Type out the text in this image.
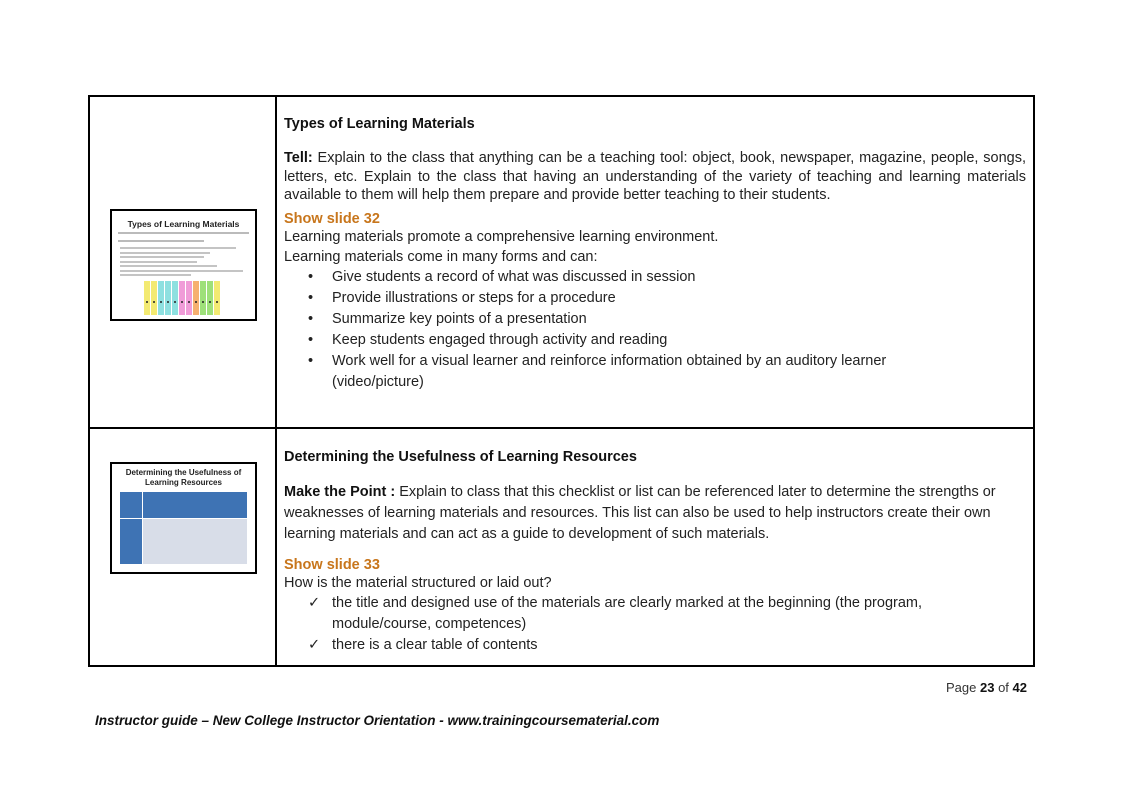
Types of Learning Materials

Types of Learning Materials

Tell: Explain to the class that anything can be a teaching tool: object, book, newspaper, magazine, people, songs, letters, etc. Explain to the class that having an understanding of the variety of teaching and learning materials available to them will help them prepare and provide better teaching to their students.

Show slide 32
Learning materials promote a comprehensive learning environment.
Learning materials come in many forms and can:
• Give students a record of what was discussed in session
• Provide illustrations or steps for a procedure
• Summarize key points of a presentation
• Keep students engaged through activity and reading
• Work well for a visual learner and reinforce information obtained by an auditory learner (video/picture)

Determining the Usefulness of Learning Resources

Determining the Usefulness of Learning Resources

Make the Point : Explain to class that this checklist or list can be referenced later to determine the strengths or weaknesses of learning materials and resources. This list can also be used to help instructors create their own learning materials and can act as a guide to development of such materials.

Show slide 33
How is the material structured or laid out?
✓ the title and designed use of the materials are clearly marked at the beginning (the program, module/course, competences)
✓ there is a clear table of contents
Page 23 of 42
Instructor guide – New College Instructor Orientation - www.trainingcoursematerial.com
